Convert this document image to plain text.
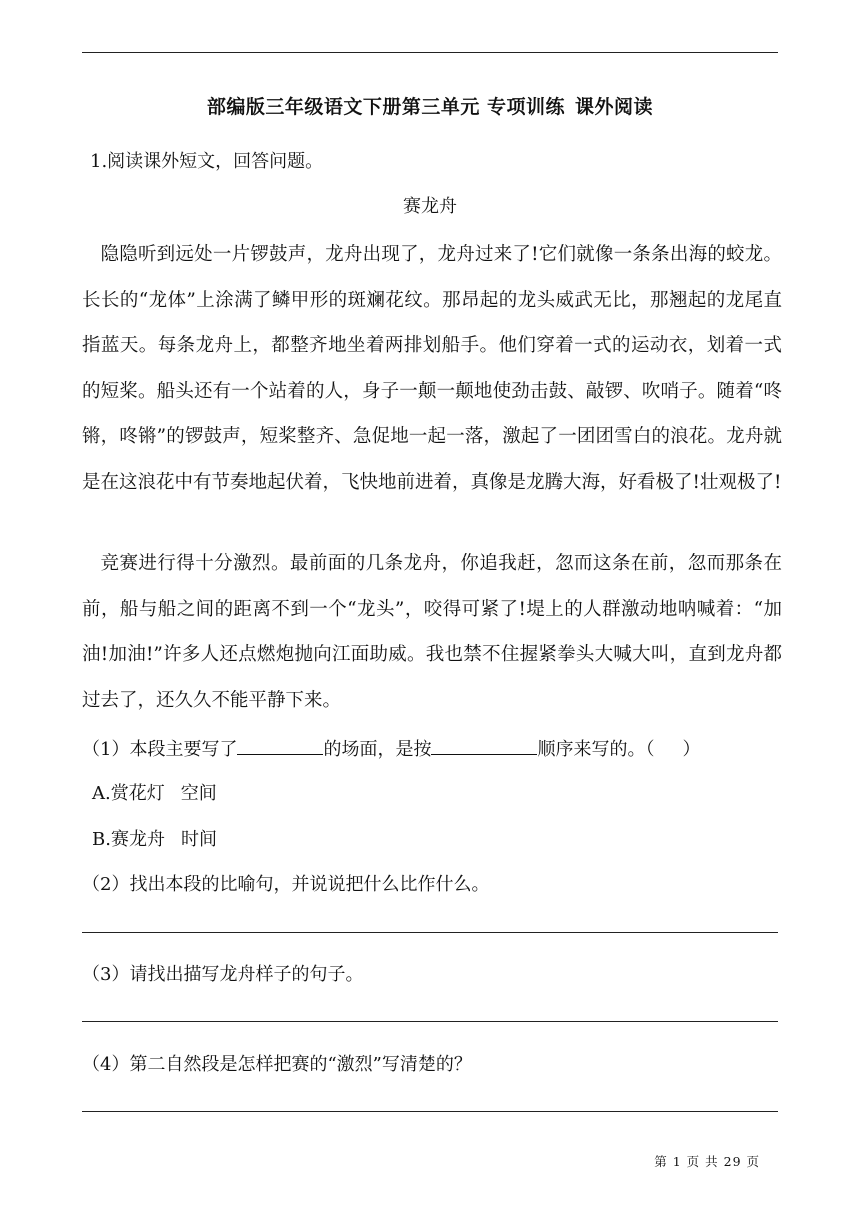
部编版三年级语文下册第三单元 专项训练 课外阅读
1.阅读课外短文，回答问题。
赛龙舟

隐隐听到远处一片锣鼓声，龙舟出现了，龙舟过来了!它们就像一条条出海的蛟龙。长长的“龙体”上涂满了鳞甲形的斑斓花纹。那昂起的龙头威武无比，那翘起的龙尾直指蓝天。每条龙舟上，都整齐地坐着两排划船手。他们穿着一式的运动衣，划着一式的短桨。船头还有一个站着的人，身子一颠一颠地使劲击鼓、敲锣、吹哨子。随着“咚锵，咚锵”的锣鼓声，短桨整齐、急促地一起一落，激起了一团团雪白的浪花。龙舟就是在这浪花中有节奏地起伏着，飞快地前进着，真像是龙腾大海，好看极了!壮观极了!

竞赛进行得十分激烈。最前面的几条龙舟，你追我赶，忽而这条在前，忽而那条在前，船与船之间的距离不到一个“龙头”，咬得可紧了!堤上的人群激动地呐喊着：“加油!加油!”许多人还点燃炮抛向江面助威。我也禁不住握紧拳头大喊大叫，直到龙舟都过去了，还久久不能平静下来。

（1）本段主要写了	的场面，是按	顺序来写的。（ ）
A.赏花灯 空间
B.赛龙舟 时间
（2）找出本段的比喻句，并说说把什么比作什么。
（3）请找出描写龙舟样子的句子。
（4）第二自然段是怎样把赛的“激烈”写清楚的？
第 1 页 共 29 页
